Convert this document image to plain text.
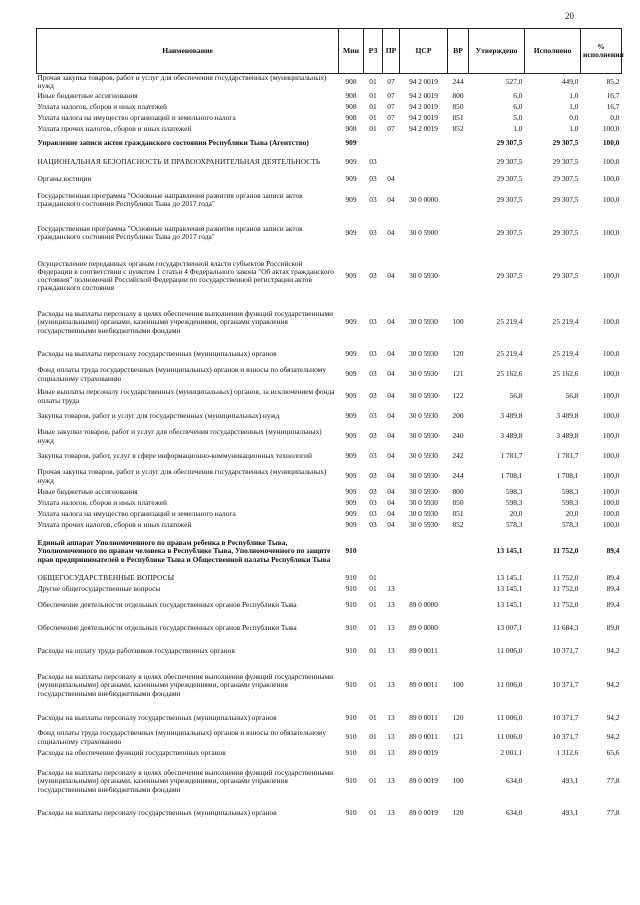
20
Наименование	Мин	РЗ	ПР	ЦСР	ВР	Утверждено	Исполнено	% исполнения
Прочая закупка товаров, работ и услуг для обеспечения государственных (муниципальных) нужд	908	01	07	94 2 0019	244	527,0	449,0	85,2
Иные бюджетные ассигнования	908	01	07	94 2 0019	800	6,0	1,0	16,7
Уплата налогов, сборов и иных платежей	908	01	07	94 2 0019	850	6,0	1,0	16,7
Уплата налога на имущество организаций и земельного налога	908	01	07	94 2 0019	851	5,0	0,0	0,0
Уплата прочих налогов, сборов и иных платежей	908	01	07	94 2 0019	852	1,0	1,0	100,0
Управление записи актов гражданского состояния Республики Тыва (Агентство)	909					29 307,5	29 307,5	100,0
НАЦИОНАЛЬНАЯ БЕЗОПАСНОСТЬ И ПРАВООХРАНИТЕЛЬНАЯ ДЕЯТЕЛЬНОСТЬ	909	03				29 307,5	29 307,5	100,0
Органы юстиции	909	03	04			29 307,5	29 307,5	100,0
Государственная программа "Основные направления развития органов записи актов гражданского состояния Республики Тыва до 2017 года"	909	03	04	30 0 0000		29 307,5	29 307,5	100,0
Государственная программа "Основные направления развития органов записи актов гражданского состояния Республики Тыва до 2017 года"	909	03	04	30 0 5900		29 307,5	29 307,5	100,0
Осуществление переданных органам государственной власти субъектов Российской Федерации в соответствии с пунктом 1 статьи 4 Федерального закона "Об актах гражданского состояния" полномочий Российской Федерации по государственной регистрации актов гражданского состояния	909	03	04	30 0 5930		29 307,5	29 307,5	100,0
Расходы на выплаты персоналу в целях обеспечения выполнения функций государственными (муниципальными) органами, казенными учреждениями, органами управления государственными внебюджетными фондами	909	03	04	30 0 5930	100	25 219,4	25 219,4	100,0
Расходы на выплаты персоналу государственных (муниципальных) органов	909	03	04	30 0 5930	120	25 219,4	25 219,4	100,0
Фонд оплаты труда государственных (муниципальных) органов и взносы по обязательному социальному страхованию	909	03	04	30 0 5930	121	25 162,6	25 162,6	100,0
Иные выплаты персоналу государственных (муниципальных) органов, за исключением фонда оплаты труда	909	03	04	30 0 5930	122	56,8	56,8	100,0
Закупка товаров, работ и услуг для государственных (муниципальных) нужд	909	03	04	30 0 5930	200	3 489,8	3 489,8	100,0
Иные закупки товаров, работ и услуг для обеспечения государственных (муниципальных) нужд	909	03	04	30 0 5930	240	3 489,8	3 489,8	100,0
Закупка товаров, работ, услуг в сфере информационно-коммуникационных технологий	909	03	04	30 0 5930	242	1 781,7	1 781,7	100,0
Прочая закупка товаров, работ и услуг для обеспечения государственных (муниципальных) нужд	909	03	04	30 0 5930	244	1 708,1	1 708,1	100,0
Иные бюджетные ассигнования	909	03	04	30 0 5930	800	598,3	598,3	100,0
Уплата налогов, сборов и иных платежей	909	03	04	30 0 5930	850	598,3	598,3	100,0
Уплата налога на имущество организаций и земельного налога	909	03	04	30 0 5930	851	20,0	20,0	100,0
Уплата прочих налогов, сборов и иных платежей	909	03	04	30 0 5930	852	578,3	578,3	100,0
Единый аппарат Уполномоченного по правам ребенка в Республике Тыва, Уполномоченного по правам человека в Республике Тыва, Уполномоченного по защите прав предпринимателей в Республике Тыва и Общественной палаты Республики Тыва	910					13 145,1	11 752,0	89,4
ОБЩЕГОСУДАРСТВЕННЫЕ ВОПРОСЫ	910	01				13 145,1	11 752,0	89,4
Другие общегосударственные вопросы	910	01	13			13 145,1	11 752,0	89,4
Обеспечение деятельности отдельных государственных органов Республики Тыва	910	01	13	89 0 0000		13 145,1	11 752,0	89,4
Обеспечение деятельности отдельных государственных органов Республики Тыва	910	01	13	89 0 0000		13 007,1	11 684,3	89,8
Расходы на оплату труда работников государственных органов	910	01	13	89 0 0011		11 006,0	10 371,7	94,2
Расходы на выплаты персоналу в целях обеспечения выполнения функций государственными (муниципальными) органами, казенными учреждениями, органами управления государственными внебюджетными фондами	910	01	13	89 0 0011	100	11 006,0	10 371,7	94,2
Расходы на выплаты персоналу государственных (муниципальных) органов	910	01	13	89 0 0011	120	11 006,0	10 371,7	94,2
Фонд оплаты труда государственных (муниципальных) органов и взносы по обязательному социальному страхованию	910	01	13	89 0 0011	121	11 006,0	10 371,7	94,2
Расходы на обеспечение функций государственных органов	910	01	13	89 0 0019		2 001,1	1 312,6	65,6
Расходы на выплаты персоналу в целях обеспечения выполнения функций государственными (муниципальными) органами, казенными учреждениями, органами управления государственными внебюджетными фондами	910	01	13	89 0 0019	100	634,0	493,1	77,8
Расходы на выплаты персоналу государственных (муниципальных) органов	910	01	13	89 0 0019	120	634,0	493,1	77,8
